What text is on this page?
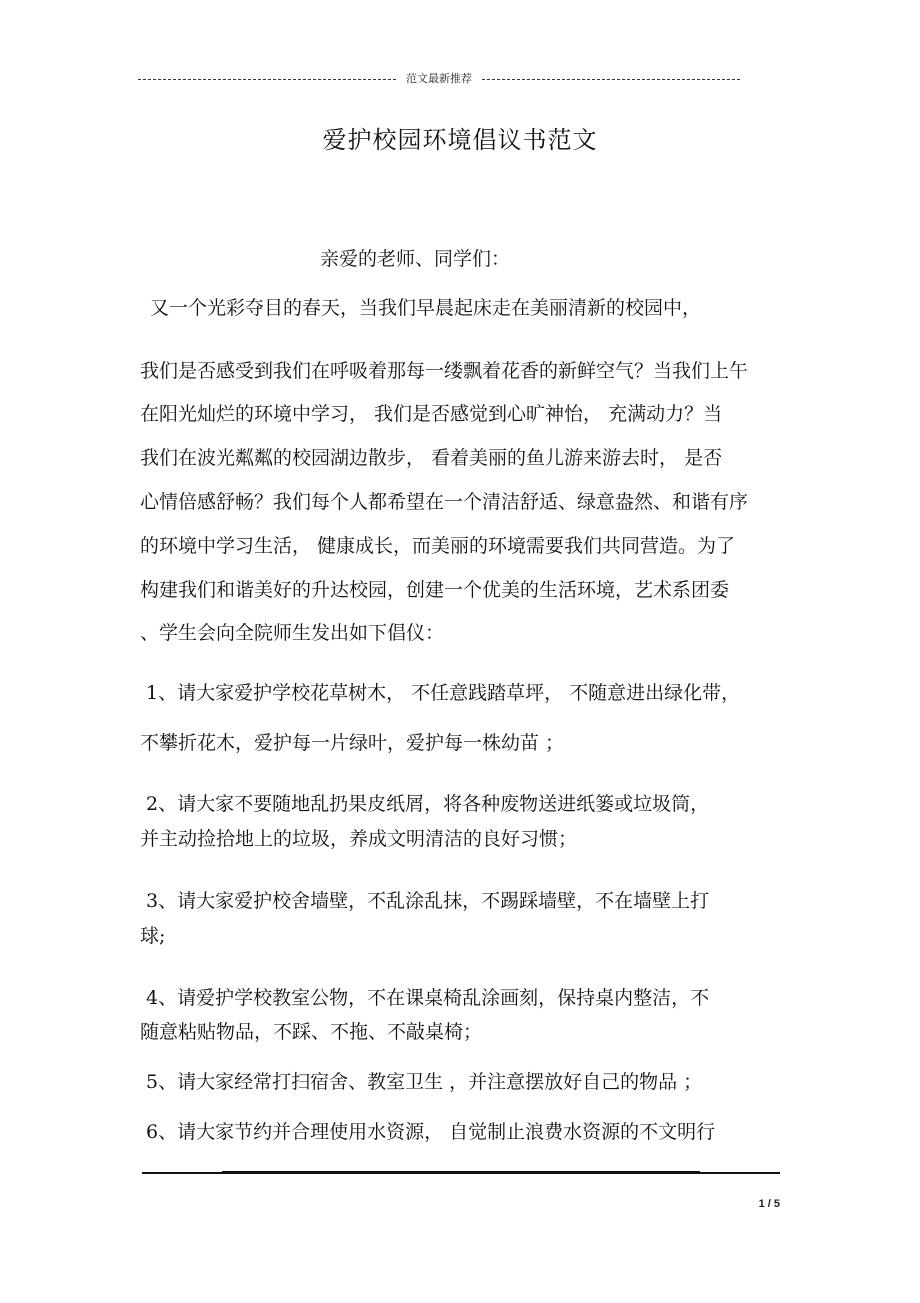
范文最新推荐
爱护校园环境倡议书范文
亲爱的老师、同学们：
又一个光彩夺目的春天，当我们早晨起床走在美丽清新的校园中，
我们是否感受到我们在呼吸着那每一缕飘着花香的新鲜空气？当我们上午
在阳光灿烂的环境中学习， 我们是否感觉到心旷神怡， 充满动力？当
我们在波光粼粼的校园湖边散步， 看着美丽的鱼儿游来游去时， 是否
心情倍感舒畅？我们每个人都希望在一个清洁舒适、绿意盎然、和谐有序
的环境中学习生活， 健康成长，而美丽的环境需要我们共同营造。为了
构建我们和谐美好的升达校园，创建一个优美的生活环境，艺术系团委
、学生会向全院师生发出如下倡仪：
1、请大家爱护学校花草树木， 不任意践踏草坪， 不随意进出绿化带，
不攀折花木，爱护每一片绿叶，爱护每一株幼苗 ；
2、请大家不要随地乱扔果皮纸屑，将各种废物送进纸篓或垃圾筒，
并主动捡拾地上的垃圾，养成文明清洁的良好习惯；
3、请大家爱护校舍墙壁，不乱涂乱抹，不踢踩墙壁，不在墙壁上打
球;
4、请爱护学校教室公物，不在课桌椅乱涂画刻，保持桌内整洁，不
随意粘贴物品，不踩、不拖、不敲桌椅；
5、请大家经常打扫宿舍、教室卫生 ，并注意摆放好自己的物品 ；
6、请大家节约并合理使用水资源， 自觉制止浪费水资源的不文明行
1 / 5
